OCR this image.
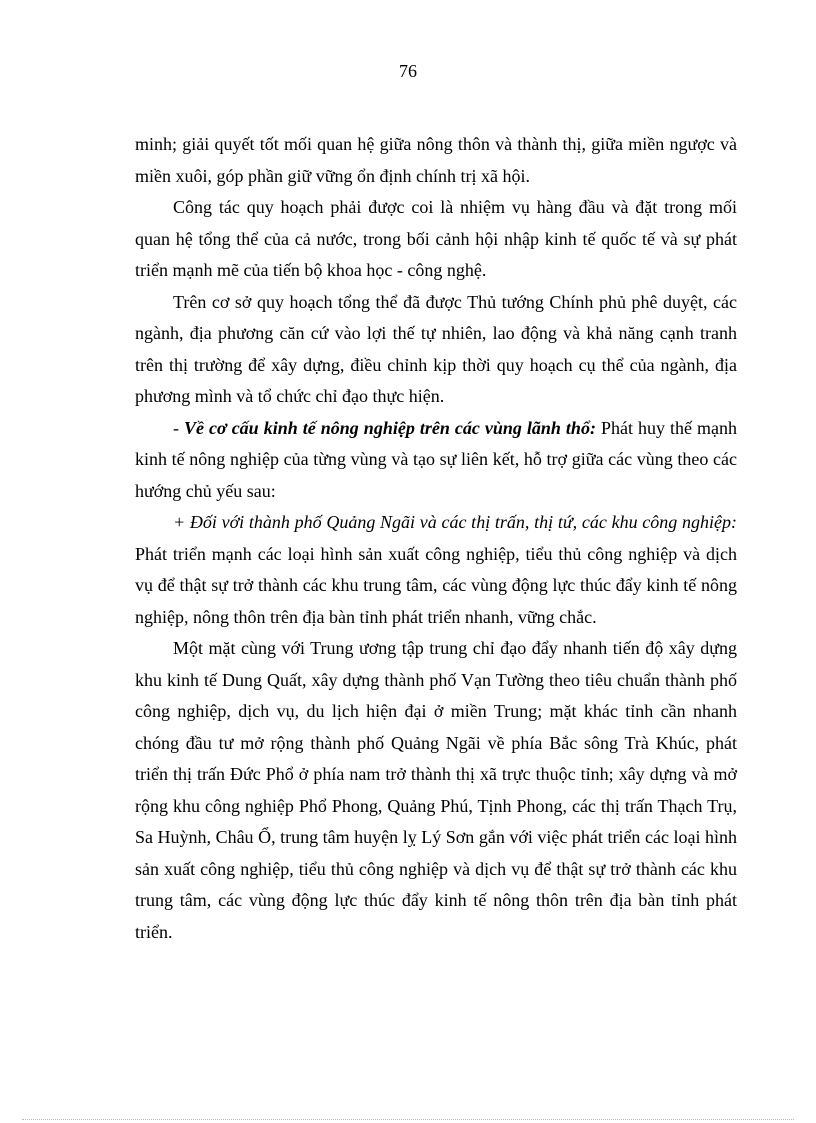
76

minh; giải quyết tốt mối quan hệ giữa nông thôn và thành thị, giữa miền ngược và miền xuôi, góp phần giữ vững ổn định chính trị xã hội.

Công tác quy hoạch phải được coi là nhiệm vụ hàng đầu và đặt trong mối quan hệ tổng thể của cả nước, trong bối cảnh hội nhập kinh tế quốc tế và sự phát triển mạnh mẽ của tiến bộ khoa học - công nghệ.

Trên cơ sở quy hoạch tổng thể đã được Thủ tướng Chính phủ phê duyệt, các ngành, địa phương căn cứ vào lợi thế tự nhiên, lao động và khả năng cạnh tranh trên thị trường để xây dựng, điều chỉnh kịp thời quy hoạch cụ thể của ngành, địa phương mình và tổ chức chỉ đạo thực hiện.

- Về cơ cấu kinh tế nông nghiệp trên các vùng lãnh thổ: Phát huy thế mạnh kinh tế nông nghiệp của từng vùng và tạo sự liên kết, hỗ trợ giữa các vùng theo các hướng chủ yếu sau:

+ Đối với thành phố Quảng Ngãi và các thị trấn, thị tứ, các khu công nghiệp: Phát triển mạnh các loại hình sản xuất công nghiệp, tiểu thủ công nghiệp và dịch vụ để thật sự trở thành các khu trung tâm, các vùng động lực thúc đẩy kinh tế nông nghiệp, nông thôn trên địa bàn tỉnh phát triển nhanh, vững chắc.

Một mặt cùng với Trung ương tập trung chỉ đạo đẩy nhanh tiến độ xây dựng khu kinh tế Dung Quất, xây dựng thành phố Vạn Tường theo tiêu chuẩn thành phố công nghiệp, dịch vụ, du lịch hiện đại ở miền Trung; mặt khác tỉnh cần nhanh chóng đầu tư mở rộng thành phố Quảng Ngãi về phía Bắc sông Trà Khúc, phát triển thị trấn Đức Phổ ở phía nam trở thành thị xã trực thuộc tỉnh; xây dựng và mở rộng khu công nghiệp Phổ Phong, Quảng Phú, Tịnh Phong, các thị trấn Thạch Trụ, Sa Huỳnh, Châu Ổ, trung tâm huyện lỵ Lý Sơn gắn với việc phát triển các loại hình sản xuất công nghiệp, tiểu thủ công nghiệp và dịch vụ để thật sự trở thành các khu trung tâm, các vùng động lực thúc đẩy kinh tế nông thôn trên địa bàn tỉnh phát triển.
